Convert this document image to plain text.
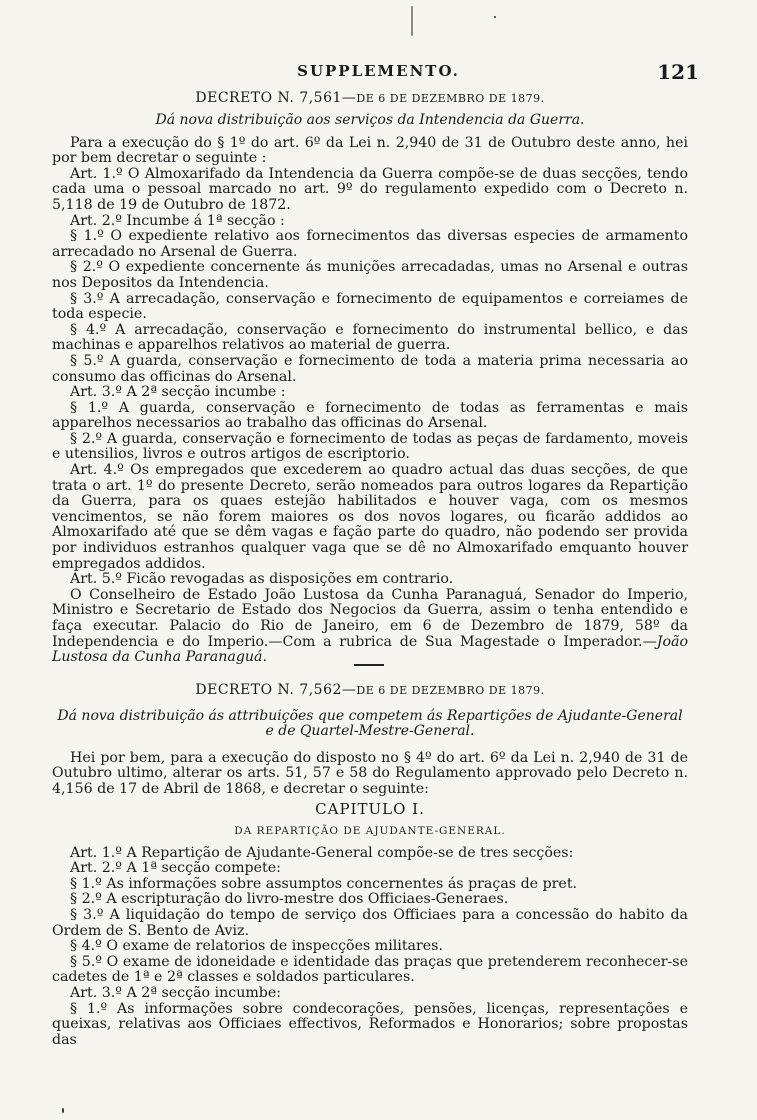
SUPPLEMENTO.	121
DECRETO N. 7,561—DE 6 DE DEZEMBRO DE 1879.
Dá nova distribuição aos serviços da Intendencia da Guerra.

Para a execução do § 1º do art. 6º da Lei n. 2,940 de 31 de Outubro deste anno, hei por bem decretar o seguinte :

Art. 1.º O Almoxarifado da Intendencia da Guerra compõe-se de duas secções, tendo cada uma o pessoal marcado no art. 9º do regulamento expedido com o Decreto n. 5,118 de 19 de Outubro de 1872.

Art. 2.º Incumbe á 1ª secção :

§ 1.º O expediente relativo aos fornecimentos das diversas especies de armamento arrecadado no Arsenal de Guerra.

§ 2.º O expediente concernente ás munições arrecadadas, umas no Arsenal e outras nos Depositos da Intendencia.

§ 3.º A arrecadação, conservação e fornecimento de equipamentos e correiames de toda especie.

§ 4.º A arrecadação, conservação e fornecimento do instrumental bellico, e das machinas e apparelhos relativos ao material de guerra.

§ 5.º A guarda, conservação e fornecimento de toda a materia prima necessaria ao consumo das officinas do Arsenal.

Art. 3.º A 2ª secção incumbe :

§ 1.º A guarda, conservação e fornecimento de todas as ferramentas e mais apparelhos necessarios ao trabalho das officinas do Arsenal.

§ 2.º A guarda, conservação e fornecimento de todas as peças de fardamento, moveis e utensilios, livros e outros artigos de escriptorio.

Art. 4.º Os empregados que excederem ao quadro actual das duas secções, de que trata o art. 1º do presente Decreto, serão nomeados para outros logares da Repartição da Guerra, para os quaes estejão habilitados e houver vaga, com os mesmos vencimentos, se não forem maiores os dos novos logares, ou ficarão addidos ao Almoxarifado até que se dêm vagas e fação parte do quadro, não podendo ser provida por individuos estranhos qualquer vaga que se dê no Almoxarifado emquanto houver empregados addidos.

Art. 5.º Ficão revogadas as disposições em contrario.

O Conselheiro de Estado João Lustosa da Cunha Paranaguá, Senador do Imperio, Ministro e Secretario de Estado dos Negocios da Guerra, assim o tenha entendido e faça executar. Palacio do Rio de Janeiro, em 6 de Dezembro de 1879, 58º da Independencia e do Imperio.—Com a rubrica de Sua Magestade o Imperador.—João Lustosa da Cunha Paranaguá.

DECRETO N. 7,562—DE 6 DE DEZEMBRO DE 1879.
Dá nova distribuição ás attribuições que competem ás Repartições de Ajudante-General
e de Quartel-Mestre-General.

Hei por bem, para a execução do disposto no § 4º do art. 6º da Lei n. 2,940 de 31 de Outubro ultimo, alterar os arts. 51, 57 e 58 do Regulamento approvado pelo Decreto n. 4,156 de 17 de Abril de 1868, e decretar o seguinte:

CAPITULO I.
DA REPARTIÇÃO DE AJUDANTE-GENERAL.

Art. 1.º A Repartição de Ajudante-General compõe-se de tres secções:

Art. 2.º A 1ª secção compete:

§ 1.º As informações sobre assumptos concernentes ás praças de pret.

§ 2.º A escripturação do livro-mestre dos Officiaes-Generaes.

§ 3.º A liquidação do tempo de serviço dos Officiaes para a concessão do habito da Ordem de S. Bento de Aviz.

§ 4.º O exame de relatorios de inspecções militares.

§ 5.º O exame de idoneidade e identidade das praças que pretenderem reconhecer-se cadetes de 1ª e 2ª classes e soldados particulares.

Art. 3.º A 2ª secção incumbe:

§ 1.º As informações sobre condecorações, pensões, licenças, representações e queixas, relativas aos Officiaes effectivos, Reformados e Honorarios; sobre propostas das
